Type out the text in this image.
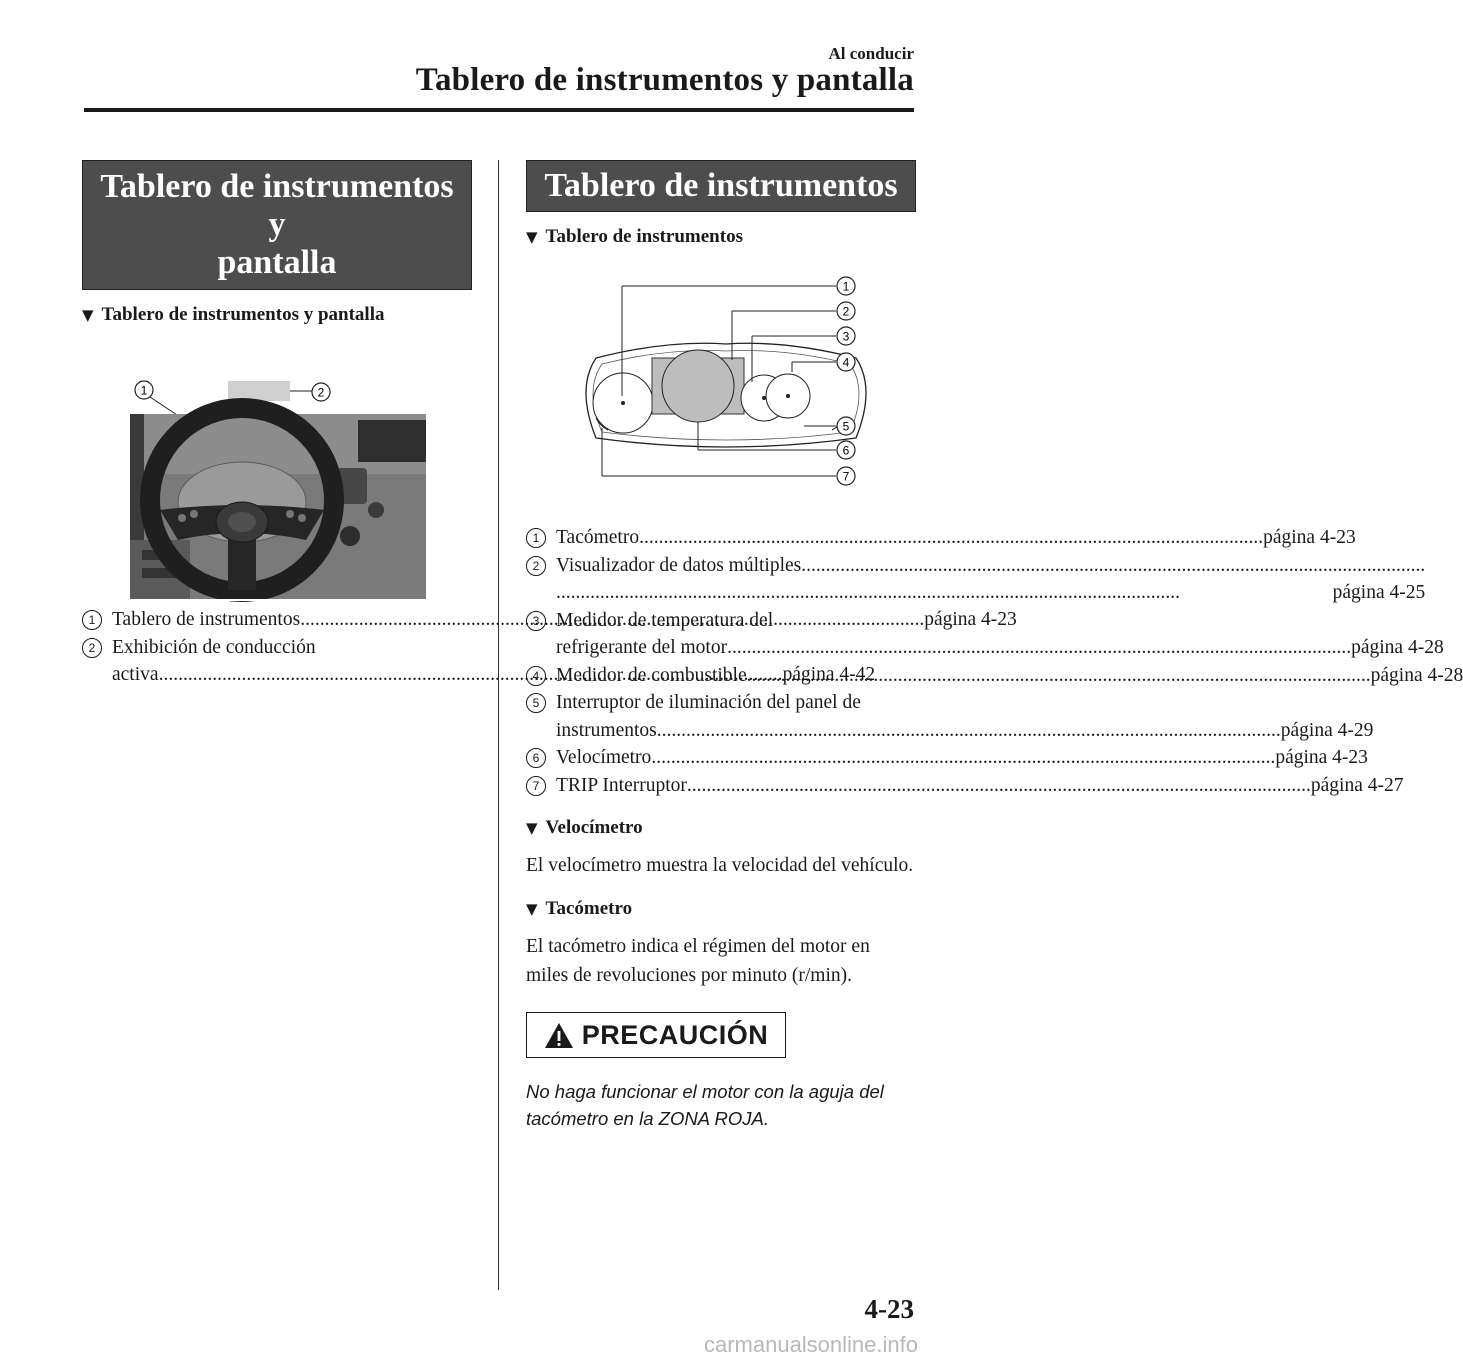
Al conducir
Tablero de instrumentos y pantalla
Tablero de instrumentos y
pantalla
▼ Tablero de instrumentos y pantalla
1	2
1 Tablero de instrumentos .....	página 4-23
2 Exhibición de conducción
activa .....	página 4-42
Tablero de instrumentos
▼ Tablero de instrumentos
1
2
3
4
5
6
7
1 Tacómetro .....	página 4-23
2 Visualizador de datos múltiples
.....
.....
página 4-25
3 Medidor de temperatura del
refrigerante del motor .....	página 4-28
4 Medidor de combustible .....	página 4-28
5 Interruptor de iluminación del panel de
instrumentos .....	página 4-29
6 Velocímetro .....	página 4-23
7 TRIP Interruptor .....	página 4-27
▼ Velocímetro
El velocímetro muestra la velocidad del vehículo.
▼ Tacómetro
El tacómetro indica el régimen del motor en miles de revoluciones por minuto (r/min).
PRECAUCIÓN
No haga funcionar el motor con la aguja del tacómetro en la ZONA ROJA.
4-23
carmanualsonline.info
